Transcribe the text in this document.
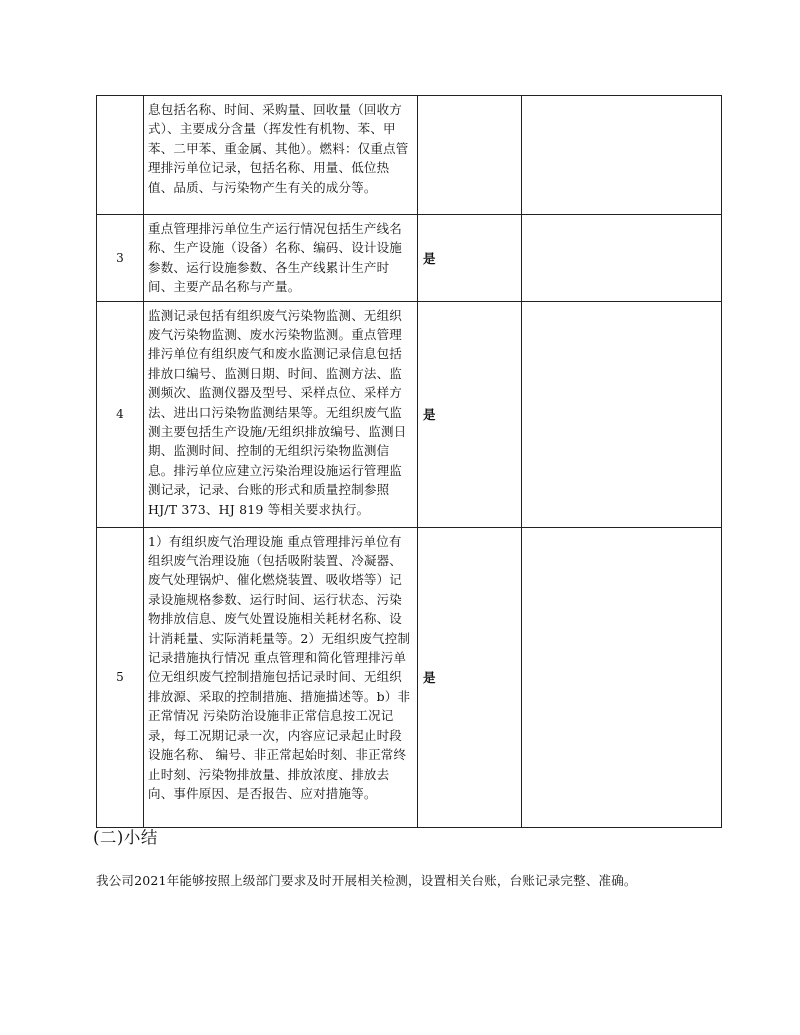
	息包括名称、时间、采购量、回收量（回收方式）、主要成分含量（挥发性有机物、苯、甲苯、二甲苯、重金属、其他）。燃料：仅重点管理排污单位记录，包括名称、用量、低位热值、品质、与污染物产生有关的成分等。		
3	重点管理排污单位生产运行情况包括生产线名称、生产设施（设备）名称、编码、设计设施参数、运行设施参数、各生产线累计生产时间、主要产品名称与产量。	是	
4	监测记录包括有组织废气污染物监测、无组织废气污染物监测、废水污染物监测。重点管理排污单位有组织废气和废水监测记录信息包括排放口编号、监测日期、时间、监测方法、监测频次、监测仪器及型号、采样点位、采样方法、进出口污染物监测结果等。无组织废气监测主要包括生产设施/无组织排放编号、监测日期、监测时间、控制的无组织污染物监测信息。排污单位应建立污染治理设施运行管理监测记录，记录、台账的形式和质量控制参照HJ/T 373、HJ 819 等相关要求执行。	是	
5	1）有组织废气治理设施 重点管理排污单位有组织废气治理设施（包括吸附装置、冷凝器、废气处理锅炉、催化燃烧装置、吸收塔等）记录设施规格参数、运行时间、运行状态、污染物排放信息、废气处置设施相关耗材名称、设计消耗量、实际消耗量等。2）无组织废气控制记录措施执行情况 重点管理和简化管理排污单位无组织废气控制措施包括记录时间、无组织排放源、采取的控制措施、措施描述等。b）非正常情况 污染防治设施非正常信息按工况记录，每工况期记录一次，内容应记录起止时段设施名称、 编号、非正常起始时刻、非正常终止时刻、污染物排放量、排放浓度、排放去向、事件原因、是否报告、应对措施等。	是	
(二)小结
我公司2021年能够按照上级部门要求及时开展相关检测，设置相关台账，台账记录完整、准确。
